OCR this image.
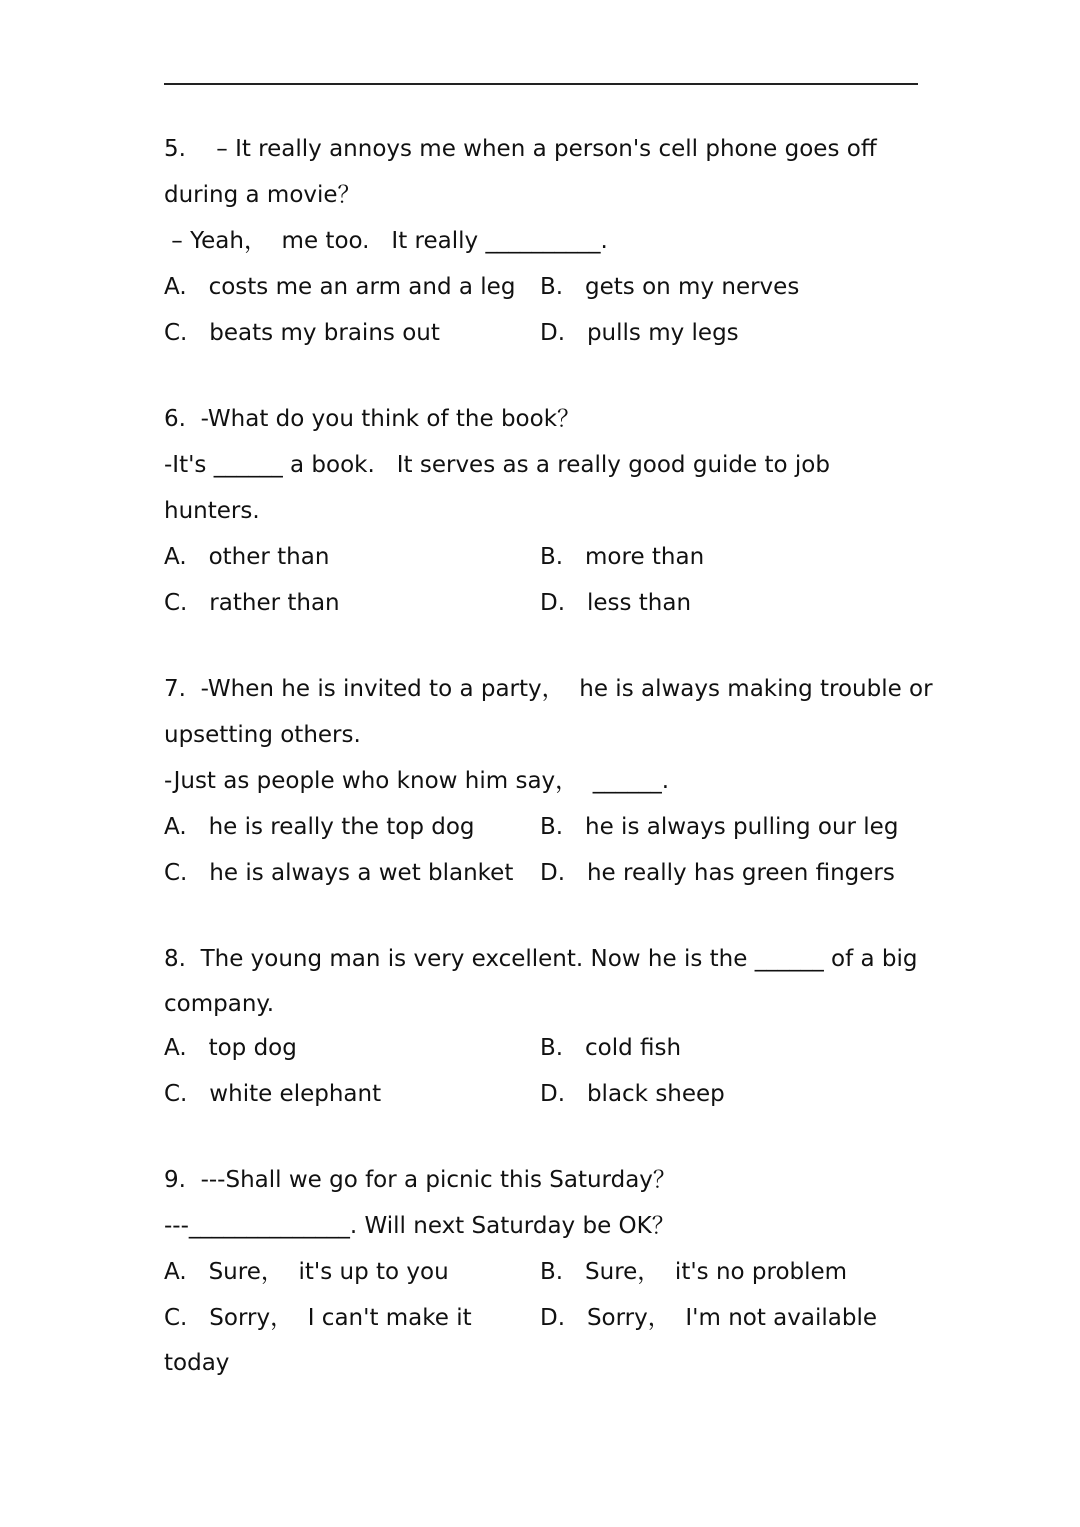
5.　 – It really annoys me when a person's cell phone goes off
during a movie？
– Yeah，  me too.   It really __________.
A.   costs me an arm and a leg B.   gets on my nerves
C.   beats my brains out	D.   pulls my legs
6.  -What do you think of the book？
-It's ______ a book.   It serves as a really good guide to job
hunters.
A.   other than	B.   more than
C.   rather than	D.   less than
7.  -When he is invited to a party，  he is always making trouble or
upsetting others.
-Just as people who know him say，  ______.
A.   he is really the top dog	B.   he is always pulling our leg
C.   he is always a wet blanket D.   he really has green fingers
8.  The young man is very excellent. Now he is the ______ of a big
company.
A.   top dog	B.   cold fish
C.   white elephant	D.   black sheep
9.  ---Shall we go for a picnic this Saturday？
---______________. Will next Saturday be OK？
A.   Sure，  it's up to you	B.   Sure，  it's no problem
C.   Sorry，  I can't make it	D.   Sorry，  I'm not available
today
